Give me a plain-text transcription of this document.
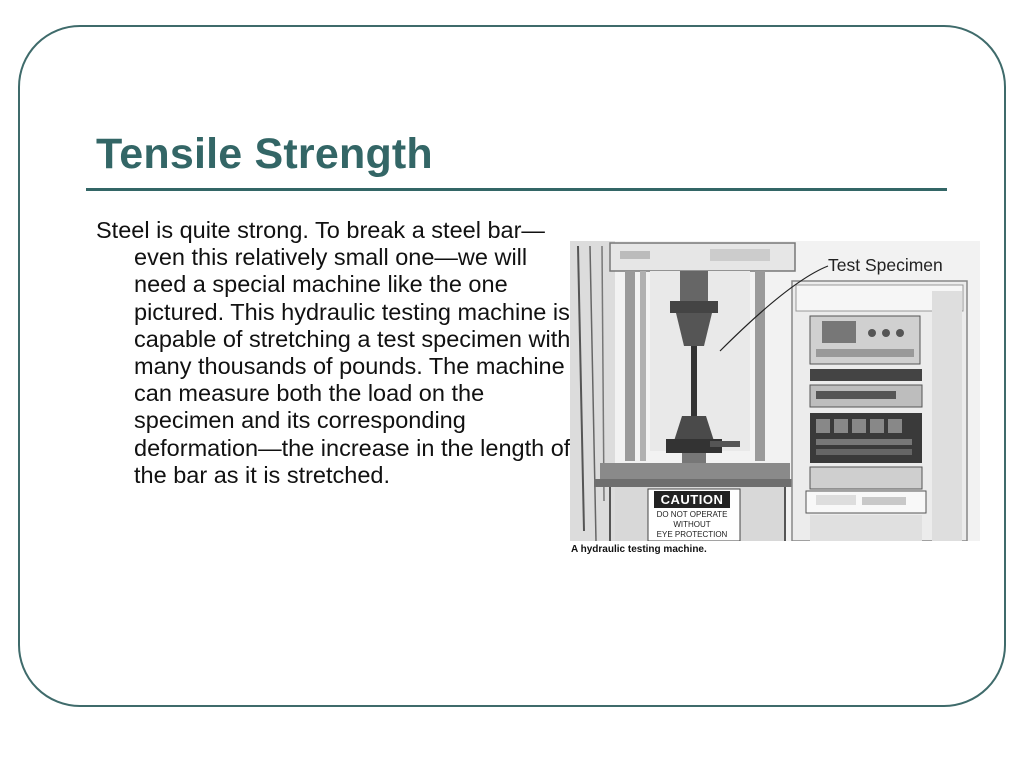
Tensile Strength

Steel is quite strong. To break a steel bar—even this relatively small one—we will need a special machine like the one pictured. This hydraulic testing machine is capable of stretching a test specimen with many thousands of pounds. The machine can measure both the load on the specimen and its corresponding deformation—the increase in the length of the bar as it is stretched.

Test Specimen
CAUTION
DO NOT OPERATE
WITHOUT
EYE PROTECTION
A hydraulic testing machine.
